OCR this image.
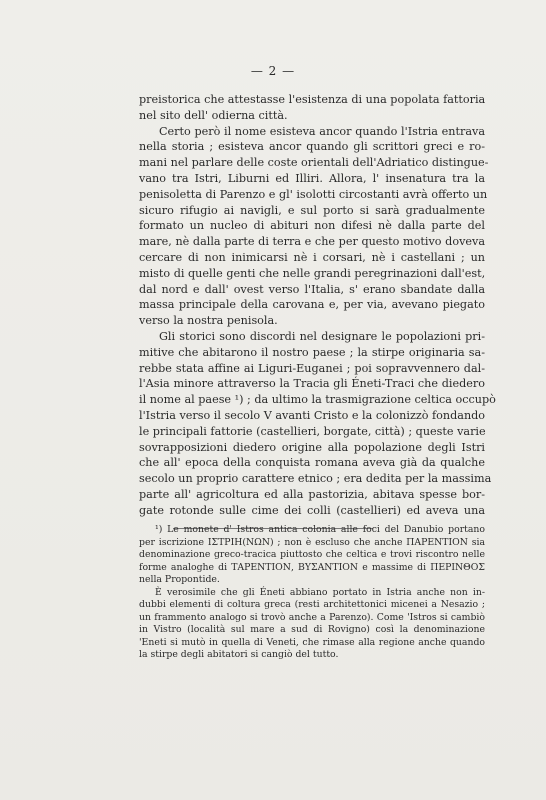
— 2 —
preistorica che attestasse l'esistenza di una popolata fattoria
nel sito dell' odierna città.
Certo però il nome esisteva ancor quando l'Istria entrava
nella storia ; esisteva ancor quando gli scrittori greci e ro-
mani nel parlare delle coste orientali dell'Adriatico distingue-
vano tra Istri, Liburni ed Illiri. Allora, l' insenatura tra la
penisoletta di Parenzo e gl' isolotti circostanti avrà offerto un
sicuro rifugio ai navigli, e sul porto si sarà gradualmente
formato un nucleo di abituri non difesi nè dalla parte del
mare, nè dalla parte di terra e che per questo motivo doveva
cercare di non inimicarsi nè i corsari, nè i castellani ; un
misto di quelle genti che nelle grandi peregrinazioni dall'est,
dal nord e dall' ovest verso l'Italia, s' erano sbandate dalla
massa principale della carovana e, per via, avevano piegato
verso la nostra penisola.
Gli storici sono discordi nel designare le popolazioni pri-
mitive che abitarono il nostro paese ; la stirpe originaria sa-
rebbe stata affine ai Liguri-Euganei ; poi sopravvennero dal-
l'Asia minore attraverso la Tracia gli Éneti-Traci che diedero
il nome al paese ¹) ; da ultimo la trasmigrazione celtica occupò
l'Istria verso il secolo V avanti Cristo e la colonizzò fondando
le principali fattorie (castellieri, borgate, città) ; queste varie
sovrapposizioni diedero origine alla popolazione degli Istri
che all' epoca della conquista romana aveva già da qualche
secolo un proprio carattere etnico ; era dedita per la massima
parte all' agricoltura ed alla pastorizia, abitava spesse bor-
gate rotonde sulle cime dei colli (castellieri) ed aveva una
¹) Le monete d' Istros antica colonia alle foci del Danubio portano
per iscrizione ΙΣΤΡΙΗ(ΝΩΝ) ; non è escluso che anche ΠΑΡΕΝΤΙΟΝ sia
denominazione greco-tracica piuttosto che celtica e trovi riscontro nelle
forme analoghe di ΤΑΡΕΝΤΙΟΝ, ΒΥΣΑΝΤΙΟΝ e massime di ΠΕΡΙΝΘΟΣ
nella Propontide.
È verosimile che gli Éneti abbiano portato in Istria anche non in-
dubbi elementi di coltura greca (resti architettonici micenei a Nesazio ;
un frammento analogo si trovò anche a Parenzo). Come 'Istros si cambiò
in Vistro (località sul mare a sud di Rovigno) così la denominazione
'Eneti si mutò in quella di Veneti, che rimase alla regione anche quando
la stirpe degli abitatori si cangiò del tutto.
